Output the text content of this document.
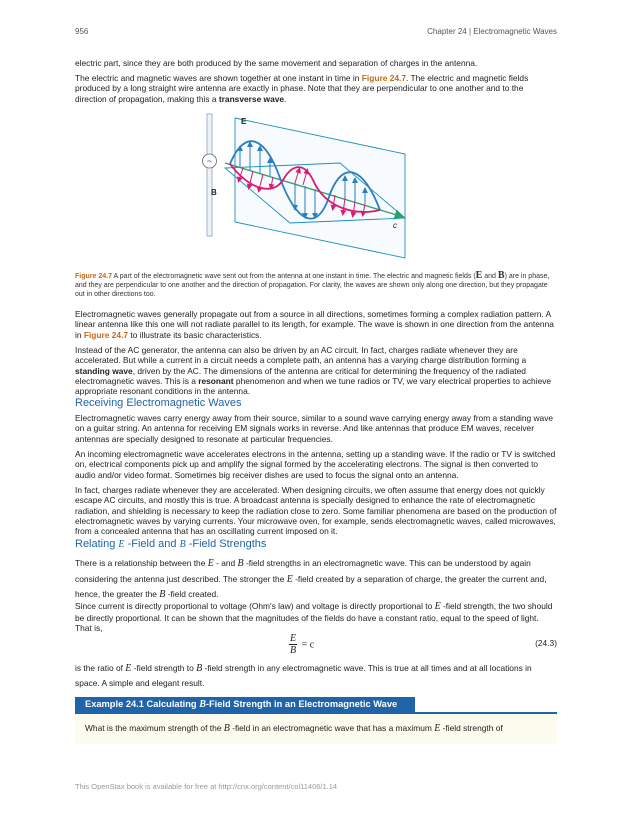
956	Chapter 24 | Electromagnetic Waves

electric part, since they are both produced by the same movement and separation of charges in the antenna.

The electric and magnetic waves are shown together at one instant in time in Figure 24.7. The electric and magnetic fields produced by a long straight wire antenna are exactly in phase. Note that they are perpendicular to one another and to the direction of propagation, making this a transverse wave.

~
E
B
c
Figure 24.7 A part of the electromagnetic wave sent out from the antenna at one instant in time. The electric and magnetic fields (E and B) are in phase, and they are perpendicular to one another and the direction of propagation. For clarity, the waves are shown only along one direction, but they propagate out in other directions too.

Electromagnetic waves generally propagate out from a source in all directions, sometimes forming a complex radiation pattern. A linear antenna like this one will not radiate parallel to its length, for example. The wave is shown in one direction from the antenna in Figure 24.7 to illustrate its basic characteristics.

Instead of the AC generator, the antenna can also be driven by an AC circuit. In fact, charges radiate whenever they are accelerated. But while a current in a circuit needs a complete path, an antenna has a varying charge distribution forming a standing wave, driven by the AC. The dimensions of the antenna are critical for determining the frequency of the radiated electromagnetic waves. This is a resonant phenomenon and when we tune radios or TV, we vary electrical properties to achieve appropriate resonant conditions in the antenna.

Receiving Electromagnetic Waves

Electromagnetic waves carry energy away from their source, similar to a sound wave carrying energy away from a standing wave on a guitar string. An antenna for receiving EM signals works in reverse. And like antennas that produce EM waves, receiver antennas are specially designed to resonate at particular frequencies.

An incoming electromagnetic wave accelerates electrons in the antenna, setting up a standing wave. If the radio or TV is switched on, electrical components pick up and amplify the signal formed by the accelerating electrons. The signal is then converted to audio and/or video format. Sometimes big receiver dishes are used to focus the signal onto an antenna.

In fact, charges radiate whenever they are accelerated. When designing circuits, we often assume that energy does not quickly escape AC circuits, and mostly this is true. A broadcast antenna is specially designed to enhance the rate of electromagnetic radiation, and shielding is necessary to keep the radiation close to zero. Some familiar phenomena are based on the production of electromagnetic waves by varying currents. Your microwave oven, for example, sends electromagnetic waves, called microwaves, from a concealed antenna that has an oscillating current imposed on it.

Relating E -Field and B -Field Strengths

There is a relationship between the E - and B -field strengths in an electromagnetic wave. This can be understood by again considering the antenna just described. The stronger the E -field created by a separation of charge, the greater the current and, hence, the greater the B -field created.

Since current is directly proportional to voltage (Ohm's law) and voltage is directly proportional to E -field strength, the two should be directly proportional. It can be shown that the magnitudes of the fields do have a constant ratio, equal to the speed of light. That is,

$\frac{E}{B} = c$	(24.3)

is the ratio of E -field strength to B -field strength in any electromagnetic wave. This is true at all times and at all locations in space. A simple and elegant result.

Example 24.1 Calculating B-Field Strength in an Electromagnetic Wave

What is the maximum strength of the B -field in an electromagnetic wave that has a maximum E -field strength of

This OpenStax book is available for free at http://cnx.org/content/col11406/1.14
